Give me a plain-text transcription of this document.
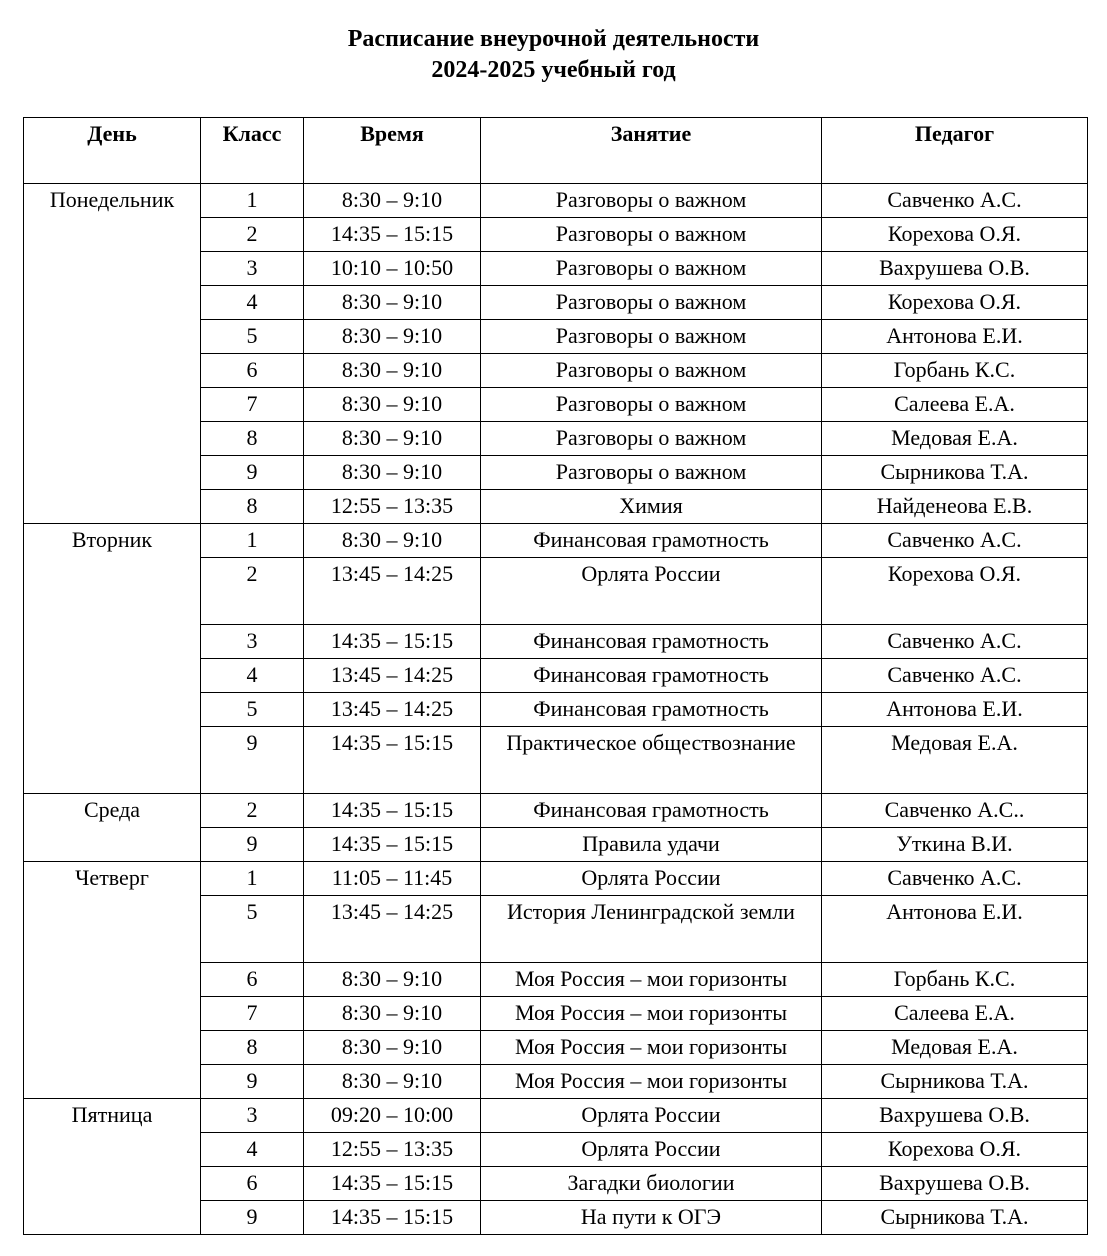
Расписание внеурочной деятельности
2024-2025 учебный год
День	Класс	Время	Занятие	Педагог
Понедельник	1	8:30 – 9:10	Разговоры о важном	Савченко А.С.
	2	14:35 – 15:15	Разговоры о важном	Корехова О.Я.
	3	10:10 – 10:50	Разговоры о важном	Вахрушева О.В.
	4	8:30 – 9:10	Разговоры о важном	Корехова О.Я.
	5	8:30 – 9:10	Разговоры о важном	Антонова Е.И.
	6	8:30 – 9:10	Разговоры о важном	Горбань К.С.
	7	8:30 – 9:10	Разговоры о важном	Салеева Е.А.
	8	8:30 – 9:10	Разговоры о важном	Медовая Е.А.
	9	8:30 – 9:10	Разговоры о важном	Сырникова Т.А.
	8	12:55 – 13:35	Химия	Найденеова Е.В.
Вторник	1	8:30 – 9:10	Финансовая грамотность	Савченко А.С.
	2	13:45 – 14:25	Орлята России	Корехова О.Я.
	3	14:35 – 15:15	Финансовая грамотность	Савченко А.С.
	4	13:45 – 14:25	Финансовая грамотность	Савченко А.С.
	5	13:45 – 14:25	Финансовая грамотность	Антонова Е.И.
	9	14:35 – 15:15	Практическое обществознание	Медовая Е.А.
Среда	2	14:35 – 15:15	Финансовая грамотность	Савченко А.С..
	9	14:35 – 15:15	Правила удачи	Уткина В.И.
Четверг	1	11:05 – 11:45	Орлята России	Савченко А.С.
	5	13:45 – 14:25	История Ленинградской земли	Антонова Е.И.
	6	8:30 – 9:10	Моя Россия – мои горизонты	Горбань К.С.
	7	8:30 – 9:10	Моя Россия – мои горизонты	Салеева Е.А.
	8	8:30 – 9:10	Моя Россия – мои горизонты	Медовая Е.А.
	9	8:30 – 9:10	Моя Россия – мои горизонты	Сырникова Т.А.
Пятница	3	09:20 – 10:00	Орлята России	Вахрушева О.В.
	4	12:55 – 13:35	Орлята России	Корехова О.Я.
	6	14:35 – 15:15	Загадки биологии	Вахрушева О.В.
	9	14:35 – 15:15	На пути к ОГЭ	Сырникова Т.А.
